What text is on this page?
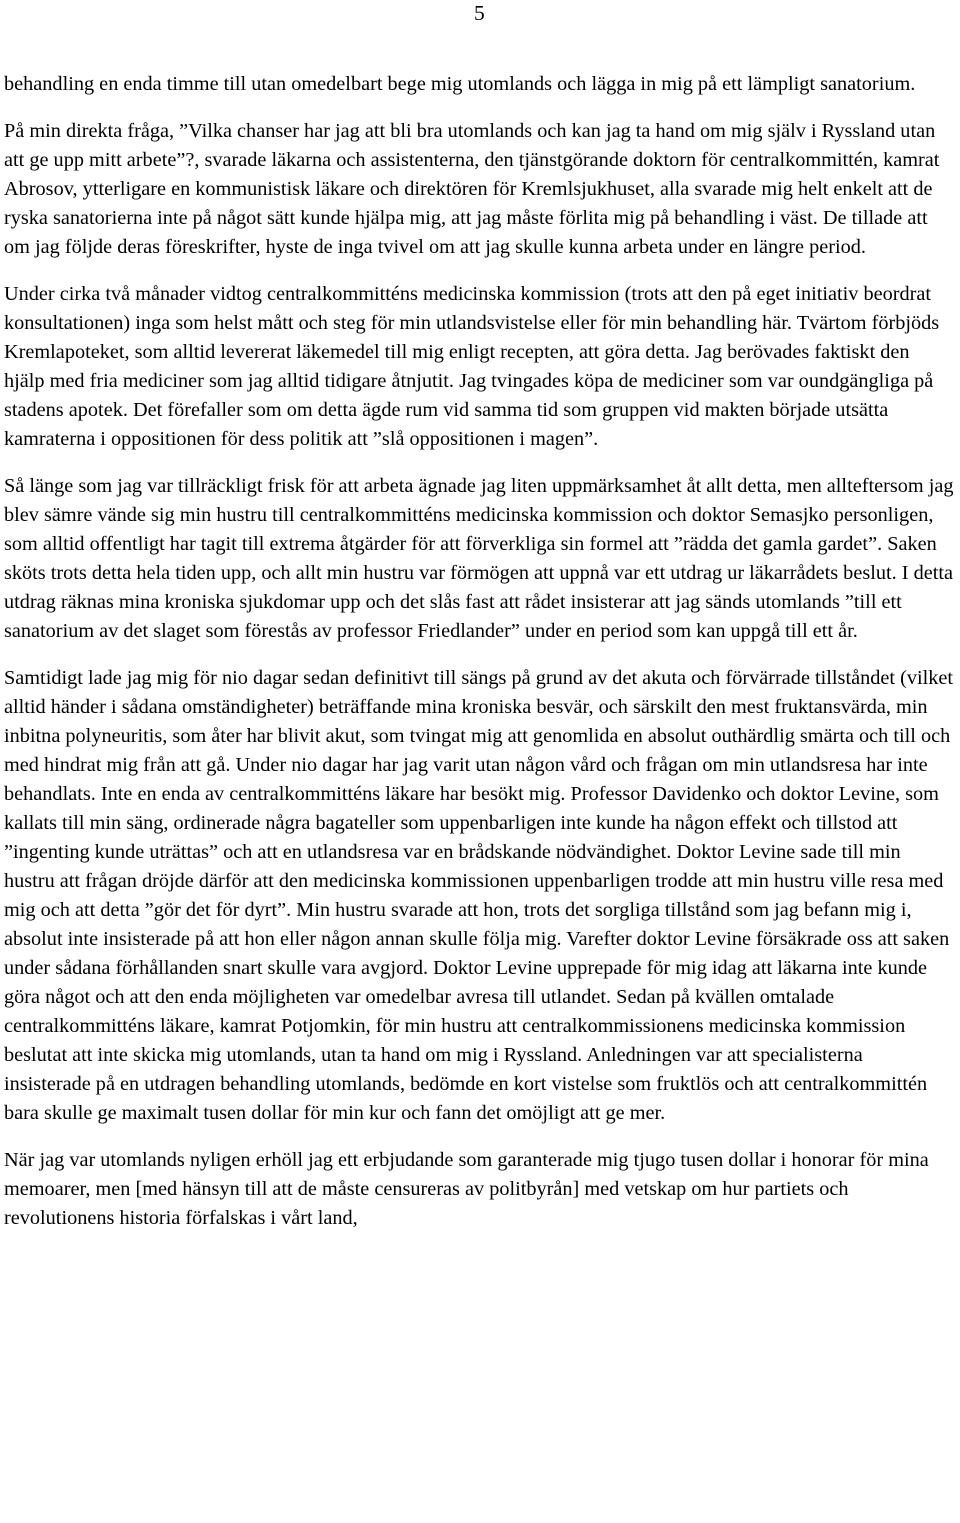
5

behandling en enda timme till utan omedelbart bege mig utomlands och lägga in mig på ett lämpligt sanatorium.

På min direkta fråga, ”Vilka chanser har jag att bli bra utomlands och kan jag ta hand om mig själv i Ryssland utan att ge upp mitt arbete”?, svarade läkarna och assistenterna, den tjänstgörande doktorn för centralkommittén, kamrat Abrosov, ytterligare en kommunistisk läkare och direktören för Kremlsjukhuset, alla svarade mig helt enkelt att de ryska sanatorierna inte på något sätt kunde hjälpa mig, att jag måste förlita mig på behandling i väst. De tillade att om jag följde deras föreskrifter, hyste de inga tvivel om att jag skulle kunna arbeta under en längre period.

Under cirka två månader vidtog centralkommitténs medicinska kommission (trots att den på eget initiativ beordrat konsultationen) inga som helst mått och steg för min utlandsvistelse eller för min behandling här. Tvärtom förbjöds Kremlapoteket, som alltid levererat läkemedel till mig enligt recepten, att göra detta. Jag berövades faktiskt den hjälp med fria mediciner som jag alltid tidigare åtnjutit. Jag tvingades köpa de mediciner som var oundgängliga på stadens apotek. Det förefaller som om detta ägde rum vid samma tid som gruppen vid makten började utsätta kamraterna i oppositionen för dess politik att ”slå oppositionen i magen”.

Så länge som jag var tillräckligt frisk för att arbeta ägnade jag liten uppmärksamhet åt allt detta, men allteftersom jag blev sämre vände sig min hustru till centralkommitténs medicinska kommission och doktor Semasjko personligen, som alltid offentligt har tagit till extrema åtgärder för att förverkliga sin formel att ”rädda det gamla gardet”. Saken sköts trots detta hela tiden upp, och allt min hustru var förmögen att uppnå var ett utdrag ur läkarrådets beslut. I detta utdrag räknas mina kroniska sjukdomar upp och det slås fast att rådet insisterar att jag sänds utomlands ”till ett sanatorium av det slaget som förestås av professor Friedlander” under en period som kan uppgå till ett år.

Samtidigt lade jag mig för nio dagar sedan definitivt till sängs på grund av det akuta och förvärrade tillståndet (vilket alltid händer i sådana omständigheter) beträffande mina kroniska besvär, och särskilt den mest fruktansvärda, min inbitna polyneuritis, som åter har blivit akut, som tvingat mig att genomlida en absolut outhärdlig smärta och till och med hindrat mig från att gå. Under nio dagar har jag varit utan någon vård och frågan om min utlandsresa har inte behandlats. Inte en enda av centralkommitténs läkare har besökt mig. Professor Davidenko och doktor Levine, som kallats till min säng, ordinerade några bagateller som uppenbarligen inte kunde ha någon effekt och tillstod att ”ingenting kunde uträttas” och att en utlandsresa var en brådskande nödvändighet. Doktor Levine sade till min hustru att frågan dröjde därför att den medicinska kommissionen uppenbarligen trodde att min hustru ville resa med mig och att detta ”gör det för dyrt”. Min hustru svarade att hon, trots det sorgliga tillstånd som jag befann mig i, absolut inte insisterade på att hon eller någon annan skulle följa mig. Varefter doktor Levine försäkrade oss att saken under sådana förhållanden snart skulle vara avgjord. Doktor Levine upprepade för mig idag att läkarna inte kunde göra något och att den enda möjligheten var omedelbar avresa till utlandet. Sedan på kvällen omtalade centralkommitténs läkare, kamrat Potjomkin, för min hustru att centralkommissionens medicinska kommission beslutat att inte skicka mig utomlands, utan ta hand om mig i Ryssland. Anledningen var att specialisterna insisterade på en utdragen behandling utomlands, bedömde en kort vistelse som fruktlös och att centralkommittén bara skulle ge maximalt tusen dollar för min kur och fann det omöjligt att ge mer.

När jag var utomlands nyligen erhöll jag ett erbjudande som garanterade mig tjugo tusen dollar i honorar för mina memoarer, men [med hänsyn till att de måste censureras av politbyrån] med vetskap om hur partiets och revolutionens historia förfalskas i vårt land,
